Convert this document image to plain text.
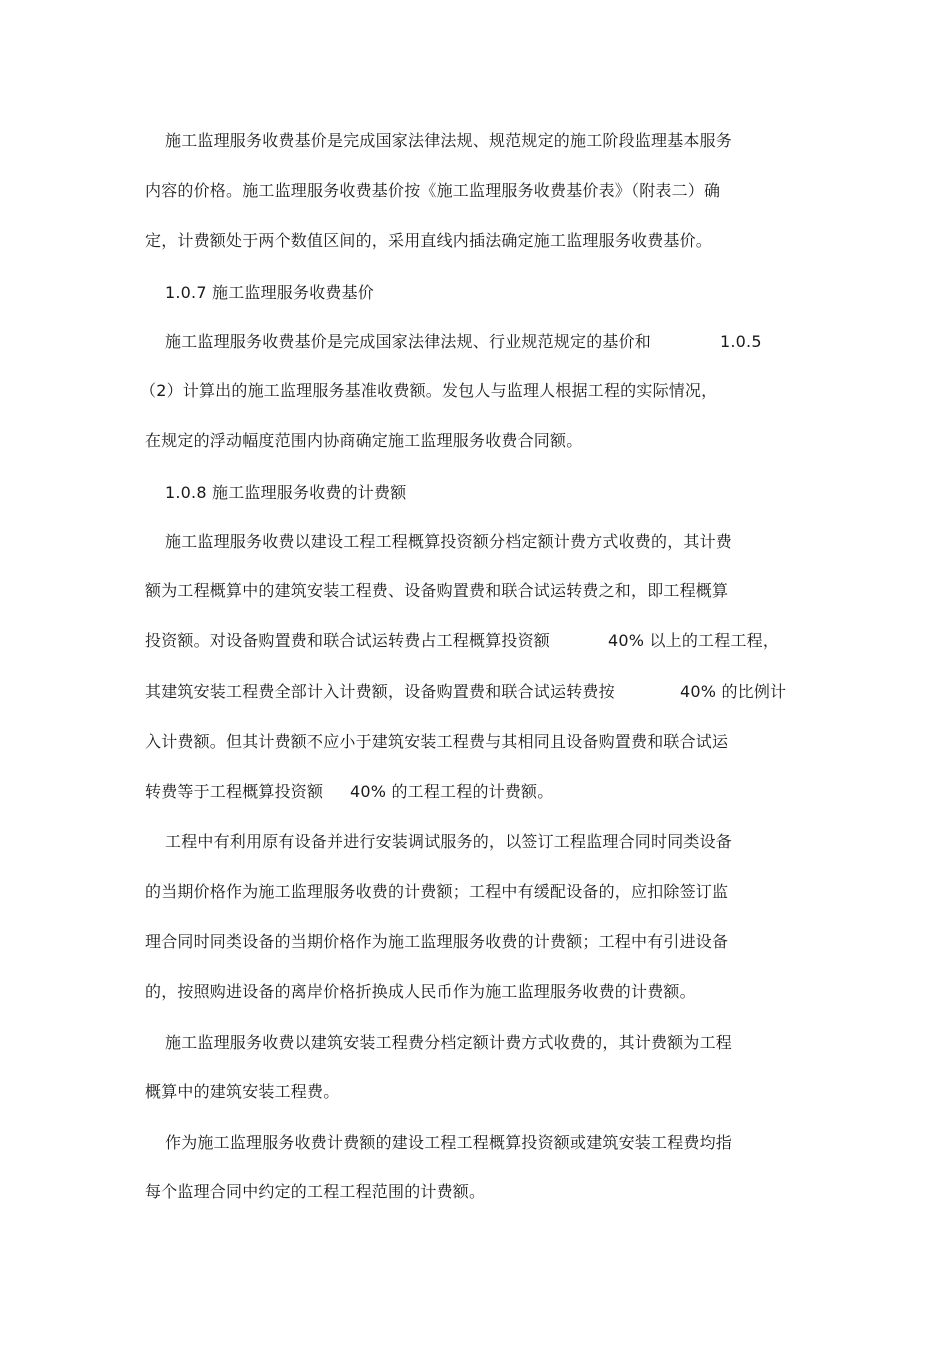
施工监理服务收费基价是完成国家法律法规、规范规定的施工阶段监理基本服务
内容的价格。施工监理服务收费基价按《施工监理服务收费基价表》（附表二）确
定，计费额处于两个数值区间的，采用直线内插法确定施工监理服务收费基价。
1.0.7 施工监理服务收费基价
施工监理服务收费基价是完成国家法律法规、行业规范规定的基价和	1.0.5
（2）计算出的施工监理服务基准收费额。发包人与监理人根据工程的实际情况，
在规定的浮动幅度范围内协商确定施工监理服务收费合同额。
1.0.8 施工监理服务收费的计费额
施工监理服务收费以建设工程工程概算投资额分档定额计费方式收费的，其计费
额为工程概算中的建筑安装工程费、设备购置费和联合试运转费之和，即工程概算
投资额。对设备购置费和联合试运转费占工程概算投资额	40% 以上的工程工程，
其建筑安装工程费全部计入计费额，设备购置费和联合试运转费按	40% 的比例计
入计费额。但其计费额不应小于建筑安装工程费与其相同且设备购置费和联合试运
转费等于工程概算投资额 40% 的工程工程的计费额。
工程中有利用原有设备并进行安装调试服务的，以签订工程监理合同时同类设备
的当期价格作为施工监理服务收费的计费额；工程中有缓配设备的，应扣除签订监
理合同时同类设备的当期价格作为施工监理服务收费的计费额；工程中有引进设备
的，按照购进设备的离岸价格折换成人民币作为施工监理服务收费的计费额。
施工监理服务收费以建筑安装工程费分档定额计费方式收费的，其计费额为工程
概算中的建筑安装工程费。
作为施工监理服务收费计费额的建设工程工程概算投资额或建筑安装工程费均指
每个监理合同中约定的工程工程范围的计费额。
